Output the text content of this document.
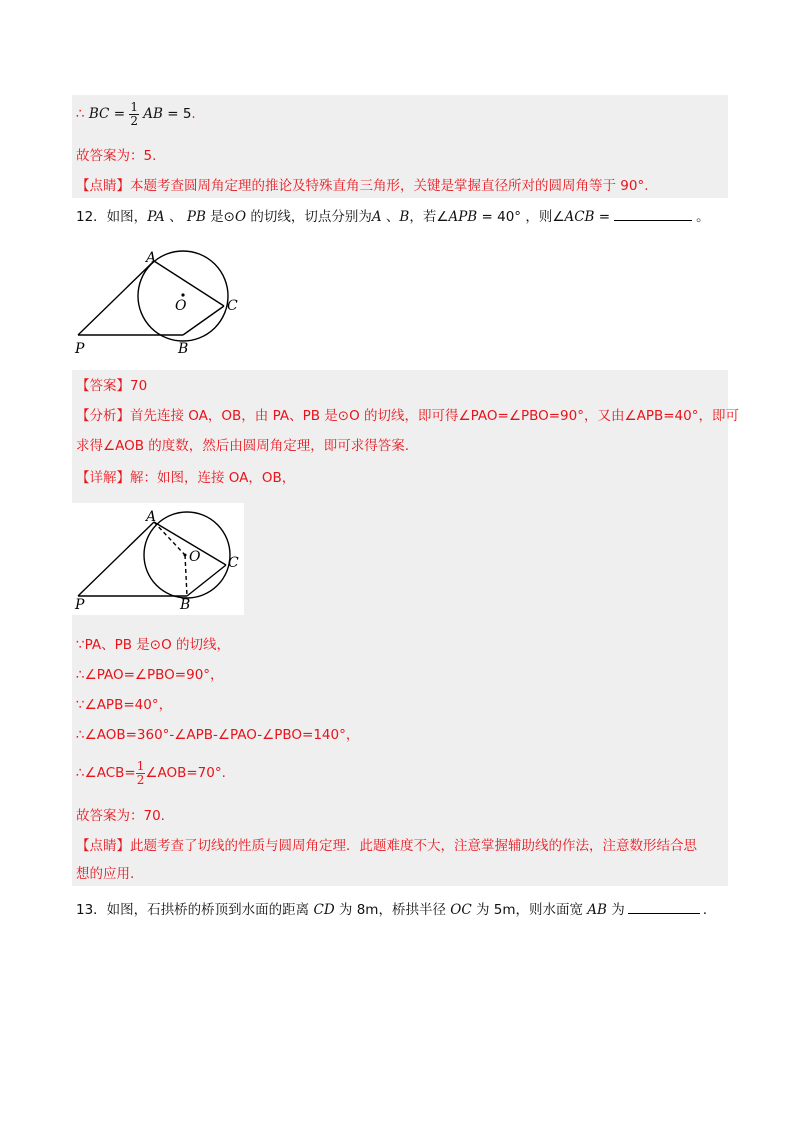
∴ BC = $\frac{1}{2}$ AB = 5.
故答案为：5.
【点睛】本题考查圆周角定理的推论及特殊直角三角形，关键是掌握直径所对的圆周角等于 90°.
12．如图，PA 、 PB 是⊙O 的切线，切点分别为A 、B，若∠APB = 40° ，则∠ACB =	。
A
O	C
P	B
【答案】70
【分析】首先连接 OA，OB，由 PA、PB 是⊙O 的切线，即可得∠PAO=∠PBO=90°，又由∠APB=40°，即可
求得∠AOB 的度数，然后由圆周角定理，即可求得答案.
【详解】解：如图，连接 OA，OB，
A
O C
P	B
∵PA、PB 是⊙O 的切线，
∴∠PAO=∠PBO=90°，
∵∠APB=40°，
∴∠AOB=360°-∠APB-∠PAO-∠PBO=140°，
∴∠ACB= $\frac{1}{2}$ ∠AOB=70°.
故答案为：70.
【点睛】此题考查了切线的性质与圆周角定理．此题难度不大，注意掌握辅助线的作法，注意数形结合思
想的应用.
13．如图，石拱桥的桥顶到水面的距离 CD 为 8m，桥拱半径 OC 为 5m，则水面宽 AB 为	.
